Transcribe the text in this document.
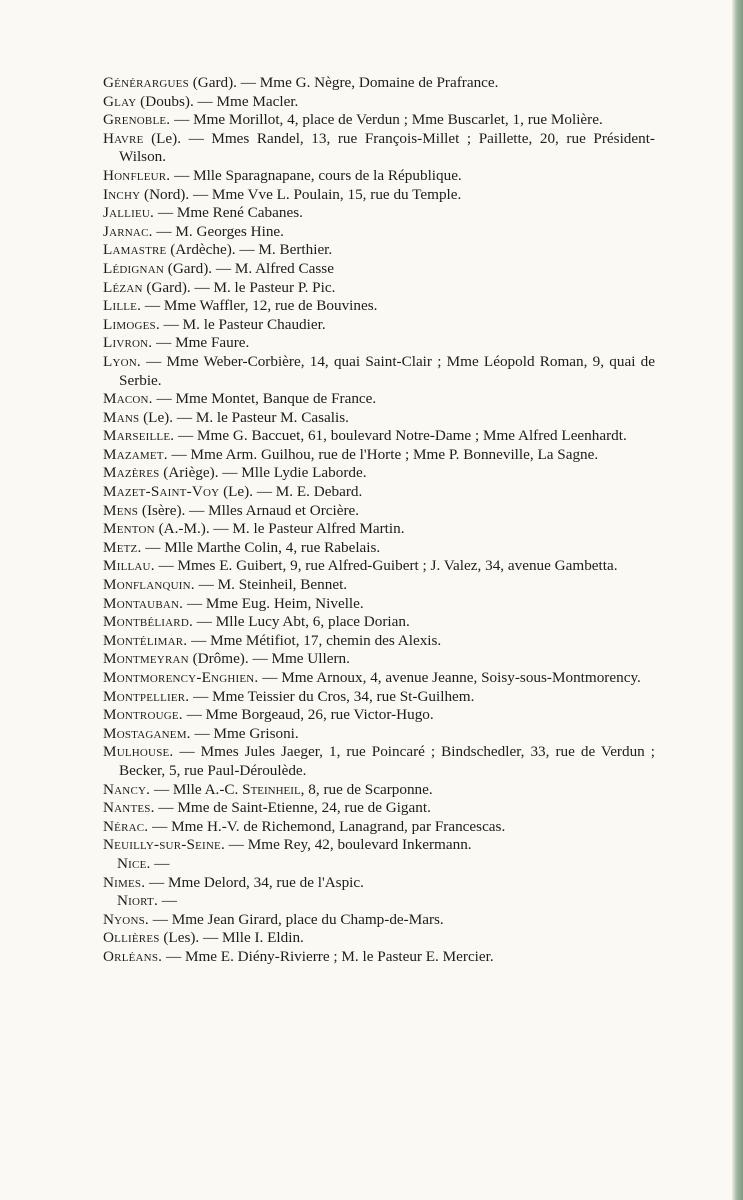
Générargues (Gard). — Mme G. Nègre, Domaine de Prafrance.
Glay (Doubs). — Mme Macler.
Grenoble. — Mme Morillot, 4, place de Verdun ; Mme Buscarlet, 1, rue Molière.
Havre (Le). — Mmes Randel, 13, rue François-Millet ; Paillette, 20, rue Président-Wilson.
Honfleur. — Mlle Sparagnapane, cours de la République.
Inchy (Nord). — Mme Vve L. Poulain, 15, rue du Temple.
Jallieu. — Mme René Cabanes.
Jarnac. — M. Georges Hine.
Lamastre (Ardèche). — M. Berthier.
Lédignan (Gard). — M. Alfred Casse
Lézan (Gard). — M. le Pasteur P. Pic.
Lille. — Mme Waffler, 12, rue de Bouvines.
Limoges. — M. le Pasteur Chaudier.
Livron. — Mme Faure.
Lyon. — Mme Weber-Corbière, 14, quai Saint-Clair ; Mme Léopold Roman, 9, quai de Serbie.
Macon. — Mme Montet, Banque de France.
Mans (Le). — M. le Pasteur M. Casalis.
Marseille. — Mme G. Baccuet, 61, boulevard Notre-Dame ; Mme Alfred Leenhardt.
Mazamet. — Mme Arm. Guilhou, rue de l'Horte ; Mme P. Bonneville, La Sagne.
Mazères (Ariège). — Mlle Lydie Laborde.
Mazet-Saint-Voy (Le). — M. E. Debard.
Mens (Isère). — Mlles Arnaud et Orcière.
Menton (A.-M.). — M. le Pasteur Alfred Martin.
Metz. — Mlle Marthe Colin, 4, rue Rabelais.
Millau. — Mmes E. Guibert, 9, rue Alfred-Guibert ; J. Valez, 34, avenue Gambetta.
Monflanquin. — M. Steinheil, Bennet.
Montauban. — Mme Eug. Heim, Nivelle.
Montbéliard. — Mlle Lucy Abt, 6, place Dorian.
Montélimar. — Mme Métifiot, 17, chemin des Alexis.
Montmeyran (Drôme). — Mme Ullern.
Montmorency-Enghien. — Mme Arnoux, 4, avenue Jeanne, Soisy-sous-Montmorency.
Montpellier. — Mme Teissier du Cros, 34, rue St-Guilhem.
Montrouge. — Mme Borgeaud, 26, rue Victor-Hugo.
Mostaganem. — Mme Grisoni.
Mulhouse. — Mmes Jules Jaeger, 1, rue Poincaré ; Bindschedler, 33, rue de Verdun ; Becker, 5, rue Paul-Déroulède.
Nancy. — Mlle A.-C. Steinheil, 8, rue de Scarponne.
Nantes. — Mme de Saint-Etienne, 24, rue de Gigant.
Nérac. — Mme H.-V. de Richemond, Lanagrand, par Francescas.
Neuilly-sur-Seine. — Mme Rey, 42, boulevard Inkermann.
Nice. —
Nimes. — Mme Delord, 34, rue de l'Aspic.
Niort. —
Nyons. — Mme Jean Girard, place du Champ-de-Mars.
Ollières (Les). — Mlle I. Eldin.
Orléans. — Mme E. Diény-Rivierre ; M. le Pasteur E. Mercier.
